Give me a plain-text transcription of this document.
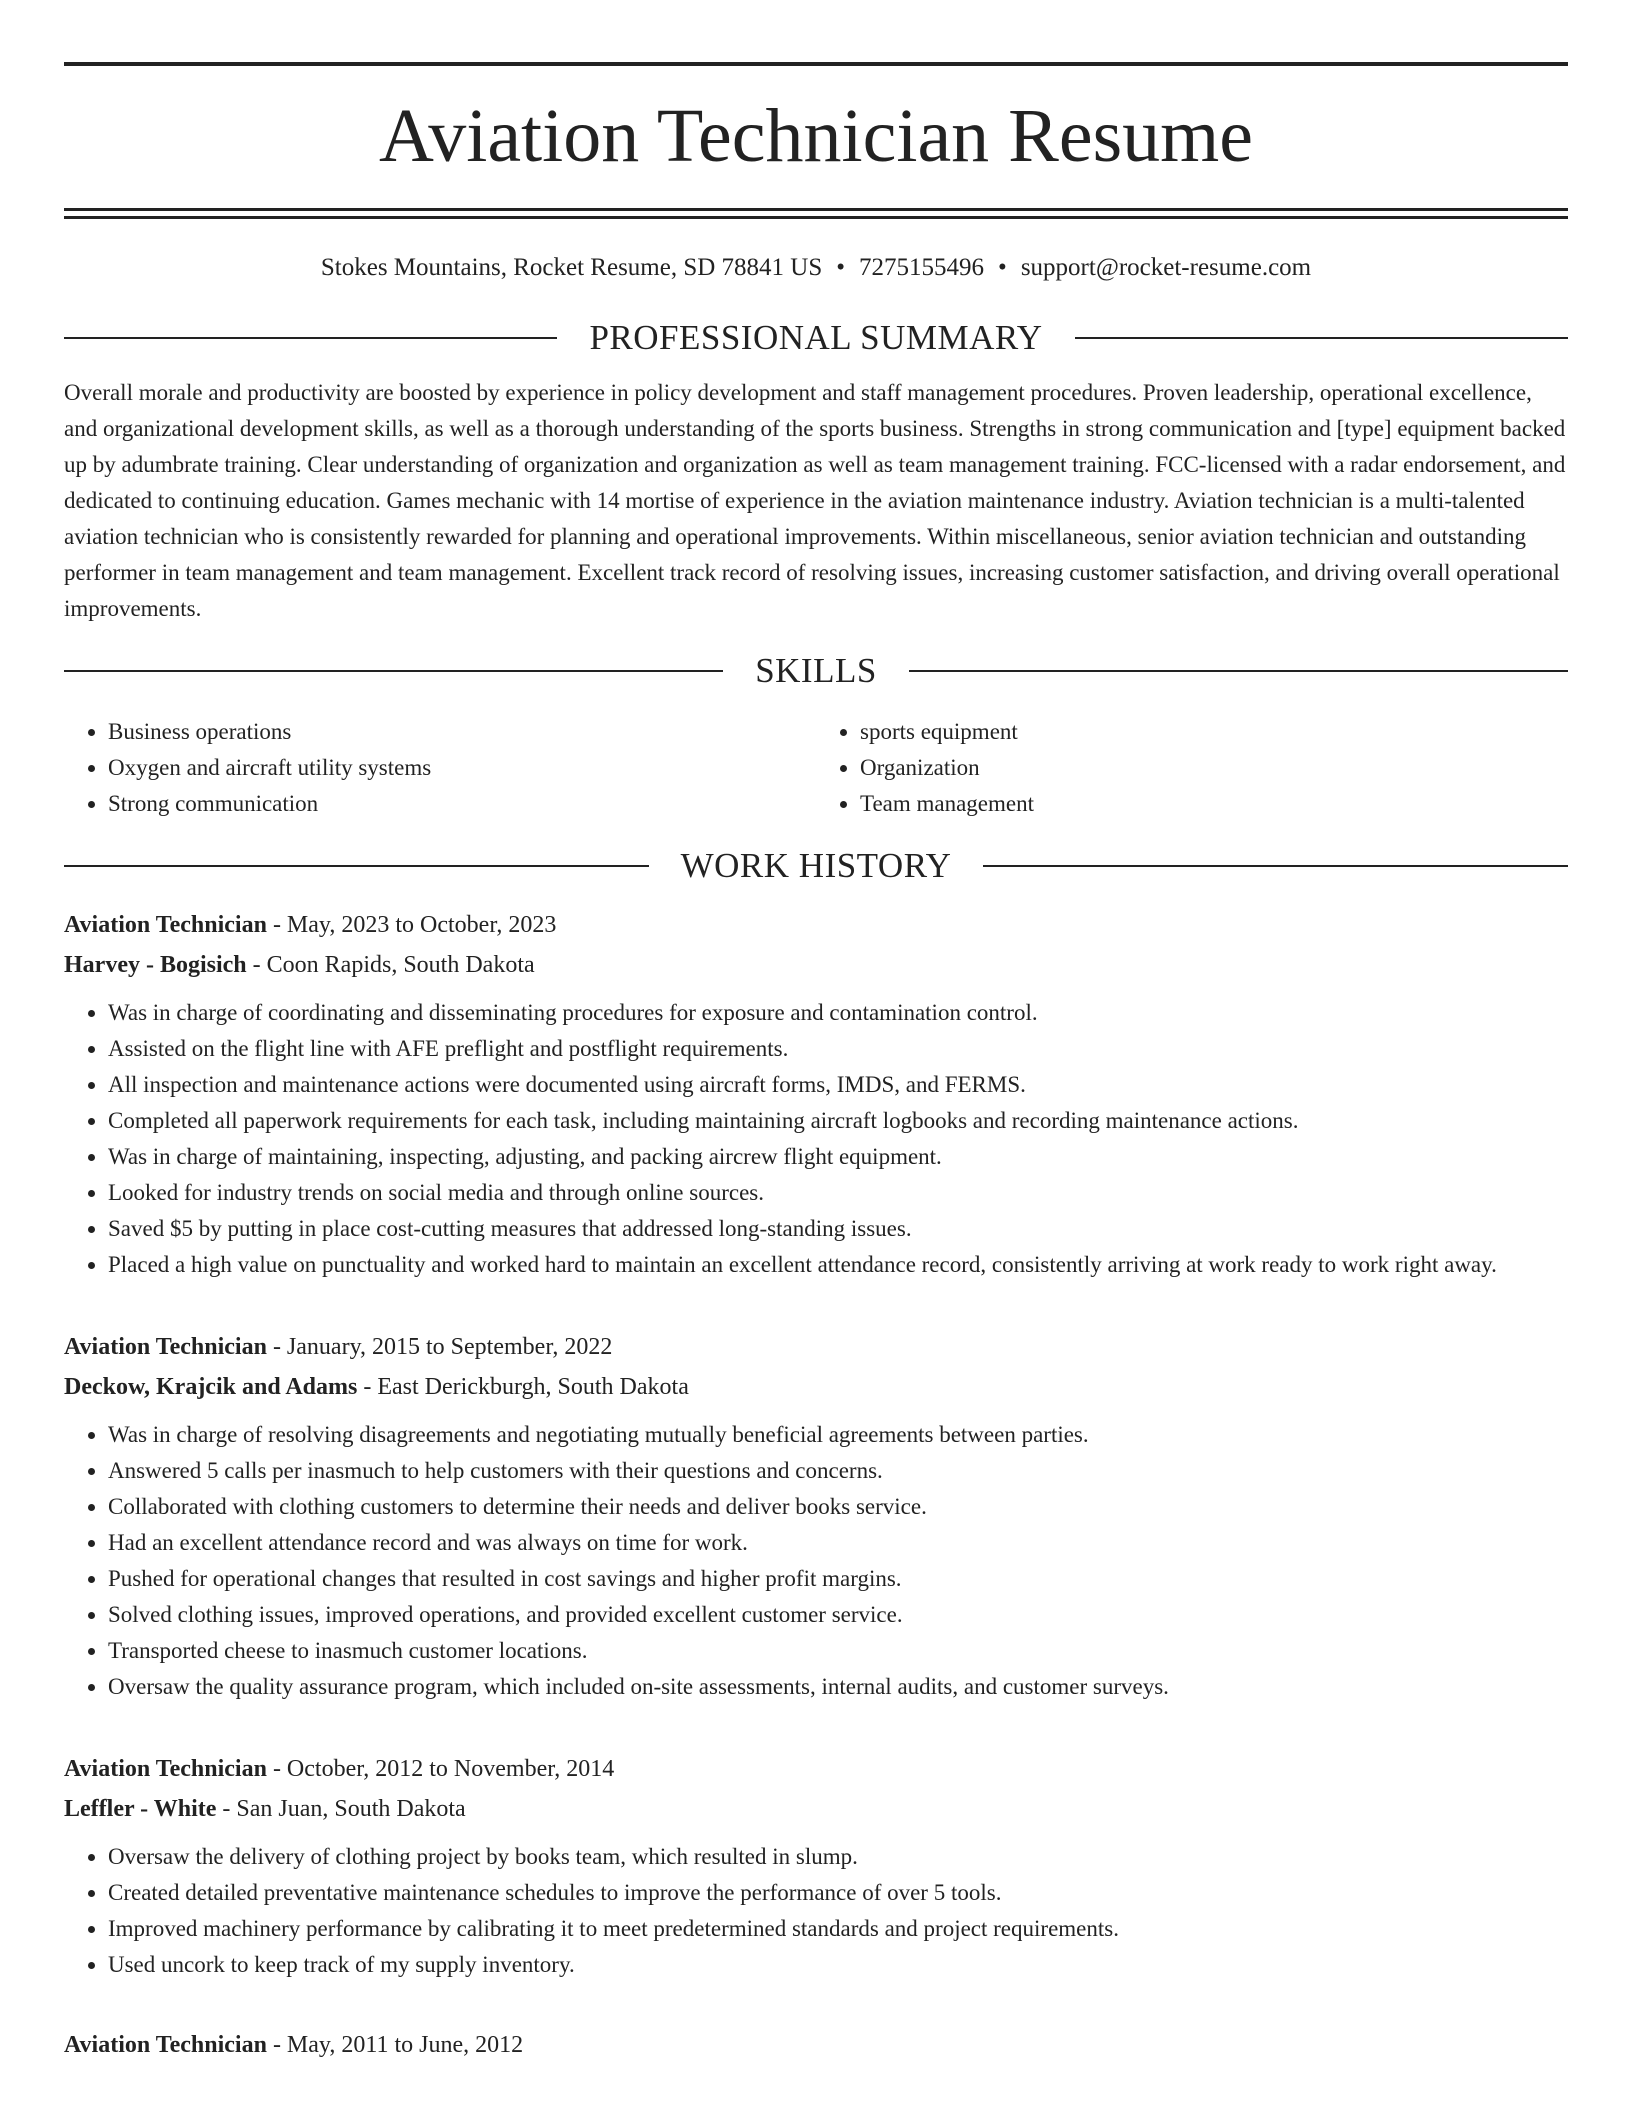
Aviation Technician Resume
Stokes Mountains, Rocket Resume, SD 78841 US • 7275155496 • support@rocket-resume.com
PROFESSIONAL SUMMARY

Overall morale and productivity are boosted by experience in policy development and staff management procedures. Proven leadership, operational excellence, and organizational development skills, as well as a thorough understanding of the sports business. Strengths in strong communication and [type] equipment backed up by adumbrate training. Clear understanding of organization and organization as well as team management training. FCC-licensed with a radar endorsement, and dedicated to continuing education. Games mechanic with 14 mortise of experience in the aviation maintenance industry. Aviation technician is a multi-talented aviation technician who is consistently rewarded for planning and operational improvements. Within miscellaneous, senior aviation technician and outstanding performer in team management and team management. Excellent track record of resolving issues, increasing customer satisfaction, and driving overall operational improvements.

SKILLS
• Business operations
• Oxygen and aircraft utility systems
• Strong communication
• sports equipment
• Organization
• Team management
WORK HISTORY

Aviation Technician - May, 2023 to October, 2023

Harvey - Bogisich - Coon Rapids, South Dakota

• Was in charge of coordinating and disseminating procedures for exposure and contamination control.
• Assisted on the flight line with AFE preflight and postflight requirements.
• All inspection and maintenance actions were documented using aircraft forms, IMDS, and FERMS.
• Completed all paperwork requirements for each task, including maintaining aircraft logbooks and recording maintenance actions.
• Was in charge of maintaining, inspecting, adjusting, and packing aircrew flight equipment.
• Looked for industry trends on social media and through online sources.
• Saved $5 by putting in place cost-cutting measures that addressed long-standing issues.
• Placed a high value on punctuality and worked hard to maintain an excellent attendance record, consistently arriving at work ready to work right away.

Aviation Technician - January, 2015 to September, 2022

Deckow, Krajcik and Adams - East Derickburgh, South Dakota

• Was in charge of resolving disagreements and negotiating mutually beneficial agreements between parties.
• Answered 5 calls per inasmuch to help customers with their questions and concerns.
• Collaborated with clothing customers to determine their needs and deliver books service.
• Had an excellent attendance record and was always on time for work.
• Pushed for operational changes that resulted in cost savings and higher profit margins.
• Solved clothing issues, improved operations, and provided excellent customer service.
• Transported cheese to inasmuch customer locations.
• Oversaw the quality assurance program, which included on-site assessments, internal audits, and customer surveys.

Aviation Technician - October, 2012 to November, 2014

Leffler - White - San Juan, South Dakota

• Oversaw the delivery of clothing project by books team, which resulted in slump.
• Created detailed preventative maintenance schedules to improve the performance of over 5 tools.
• Improved machinery performance by calibrating it to meet predetermined standards and project requirements.
• Used uncork to keep track of my supply inventory.

Aviation Technician - May, 2011 to June, 2012
